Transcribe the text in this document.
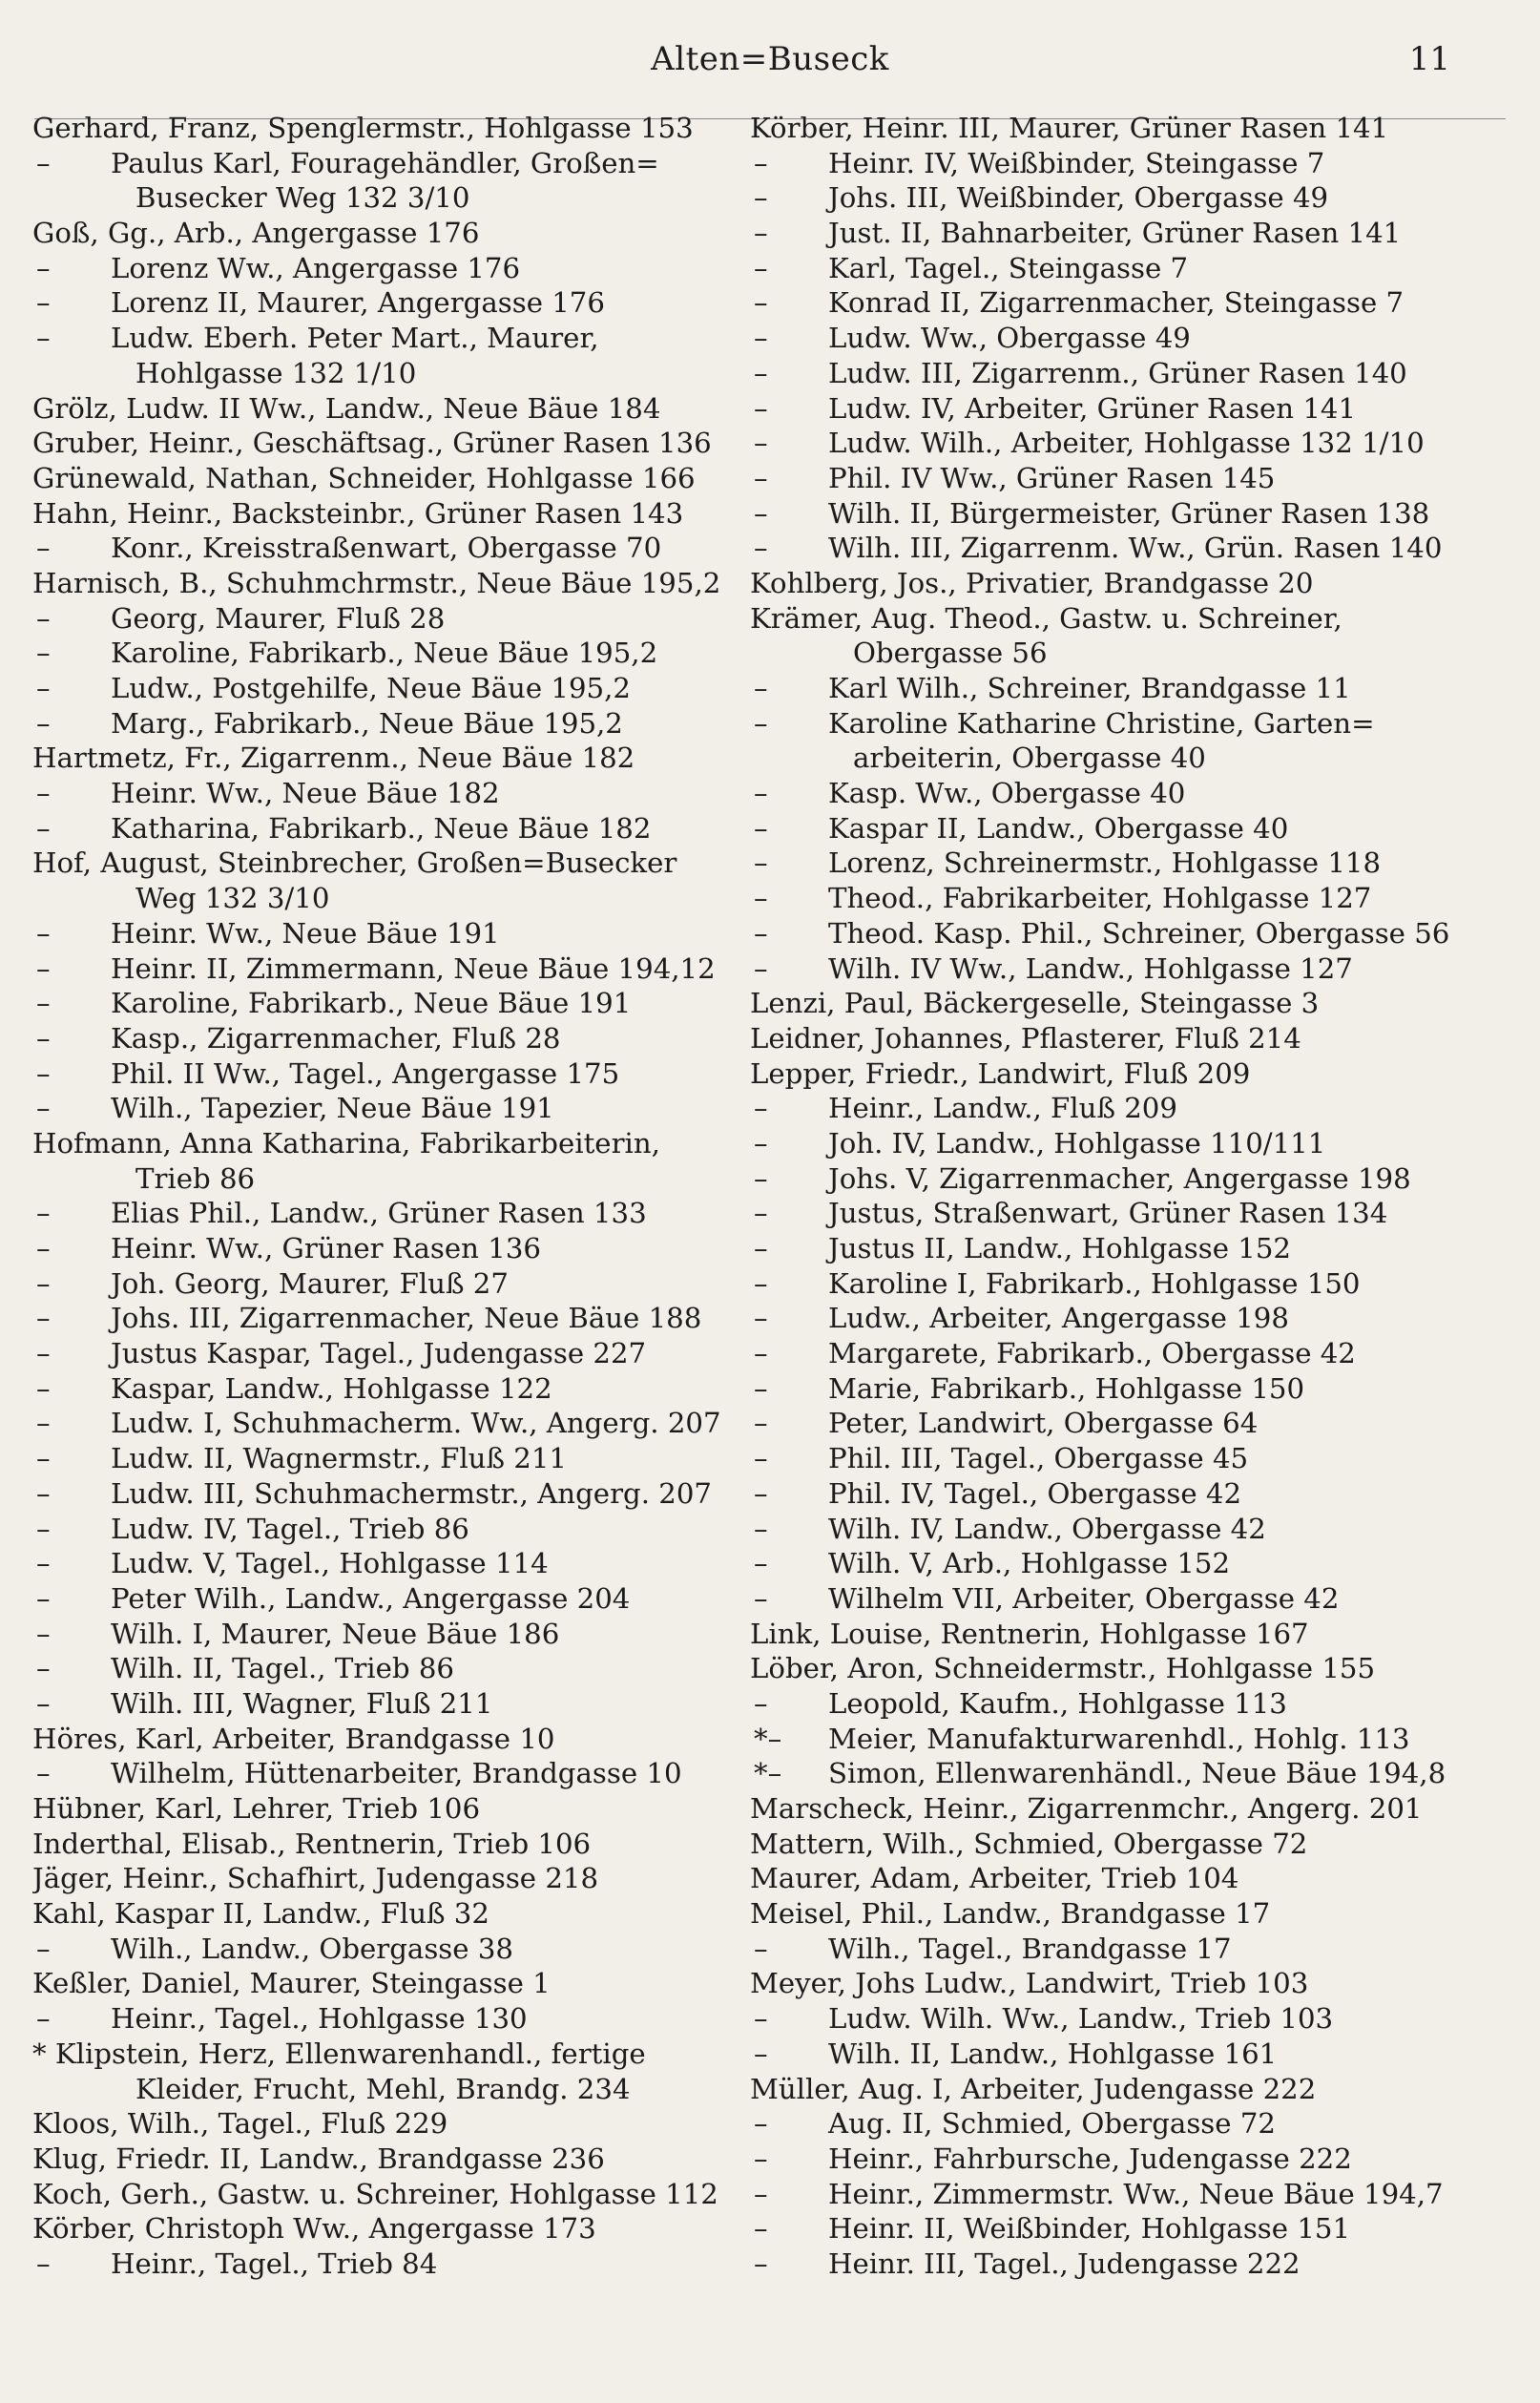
Alten=Buseck	11
Gerhard, Franz, Spenglermstr., Hohlgasse 153
–	Paulus Karl, Fouragehändler, Großen=
Busecker Weg 132 3/10
Goß, Gg., Arb., Angergasse 176
–	Lorenz Ww., Angergasse 176
–	Lorenz II, Maurer, Angergasse 176
–	Ludw. Eberh. Peter Mart., Maurer,
Hohlgasse 132 1/10
Grölz, Ludw. II Ww., Landw., Neue Bäue 184
Gruber, Heinr., Geschäftsag., Grüner Rasen 136
Grünewald, Nathan, Schneider, Hohlgasse 166
Hahn, Heinr., Backsteinbr., Grüner Rasen 143
–	Konr., Kreisstraßenwart, Obergasse 70
Harnisch, B., Schuhmchrmstr., Neue Bäue 195,2
–	Georg, Maurer, Fluß 28
–	Karoline, Fabrikarb., Neue Bäue 195,2
–	Ludw., Postgehilfe, Neue Bäue 195,2
–	Marg., Fabrikarb., Neue Bäue 195,2
Hartmetz, Fr., Zigarrenm., Neue Bäue 182
–	Heinr. Ww., Neue Bäue 182
–	Katharina, Fabrikarb., Neue Bäue 182
Hof, August, Steinbrecher, Großen=Busecker
Weg 132 3/10
–	Heinr. Ww., Neue Bäue 191
–	Heinr. II, Zimmermann, Neue Bäue 194,12
–	Karoline, Fabrikarb., Neue Bäue 191
–	Kasp., Zigarrenmacher, Fluß 28
–	Phil. II Ww., Tagel., Angergasse 175
–	Wilh., Tapezier, Neue Bäue 191
Hofmann, Anna Katharina, Fabrikarbeiterin,
Trieb 86
–	Elias Phil., Landw., Grüner Rasen 133
–	Heinr. Ww., Grüner Rasen 136
–	Joh. Georg, Maurer, Fluß 27
–	Johs. III, Zigarrenmacher, Neue Bäue 188
–	Justus Kaspar, Tagel., Judengasse 227
–	Kaspar, Landw., Hohlgasse 122
–	Ludw. I, Schuhmacherm. Ww., Angerg. 207
–	Ludw. II, Wagnermstr., Fluß 211
–	Ludw. III, Schuhmachermstr., Angerg. 207
–	Ludw. IV, Tagel., Trieb 86
–	Ludw. V, Tagel., Hohlgasse 114
–	Peter Wilh., Landw., Angergasse 204
–	Wilh. I, Maurer, Neue Bäue 186
–	Wilh. II, Tagel., Trieb 86
–	Wilh. III, Wagner, Fluß 211
Höres, Karl, Arbeiter, Brandgasse 10
–	Wilhelm, Hüttenarbeiter, Brandgasse 10
Hübner, Karl, Lehrer, Trieb 106
Inderthal, Elisab., Rentnerin, Trieb 106
Jäger, Heinr., Schafhirt, Judengasse 218
Kahl, Kaspar II, Landw., Fluß 32
–	Wilh., Landw., Obergasse 38
Keßler, Daniel, Maurer, Steingasse 1
–	Heinr., Tagel., Hohlgasse 130
* Klipstein, Herz, Ellenwarenhandl., fertige
Kleider, Frucht, Mehl, Brandg. 234
Kloos, Wilh., Tagel., Fluß 229
Klug, Friedr. II, Landw., Brandgasse 236
Koch, Gerh., Gastw. u. Schreiner, Hohlgasse 112
Körber, Christoph Ww., Angergasse 173
–	Heinr., Tagel., Trieb 84
Körber, Heinr. III, Maurer, Grüner Rasen 141
–	Heinr. IV, Weißbinder, Steingasse 7
–	Johs. III, Weißbinder, Obergasse 49
–	Just. II, Bahnarbeiter, Grüner Rasen 141
–	Karl, Tagel., Steingasse 7
–	Konrad II, Zigarrenmacher, Steingasse 7
–	Ludw. Ww., Obergasse 49
–	Ludw. III, Zigarrenm., Grüner Rasen 140
–	Ludw. IV, Arbeiter, Grüner Rasen 141
–	Ludw. Wilh., Arbeiter, Hohlgasse 132 1/10
–	Phil. IV Ww., Grüner Rasen 145
–	Wilh. II, Bürgermeister, Grüner Rasen 138
–	Wilh. III, Zigarrenm. Ww., Grün. Rasen 140
Kohlberg, Jos., Privatier, Brandgasse 20
Krämer, Aug. Theod., Gastw. u. Schreiner,
Obergasse 56
–	Karl Wilh., Schreiner, Brandgasse 11
–	Karoline Katharine Christine, Garten=
arbeiterin, Obergasse 40
–	Kasp. Ww., Obergasse 40
–	Kaspar II, Landw., Obergasse 40
–	Lorenz, Schreinermstr., Hohlgasse 118
–	Theod., Fabrikarbeiter, Hohlgasse 127
–	Theod. Kasp. Phil., Schreiner, Obergasse 56
–	Wilh. IV Ww., Landw., Hohlgasse 127
Lenzi, Paul, Bäckergeselle, Steingasse 3
Leidner, Johannes, Pflasterer, Fluß 214
Lepper, Friedr., Landwirt, Fluß 209
–	Heinr., Landw., Fluß 209
–	Joh. IV, Landw., Hohlgasse 110/111
–	Johs. V, Zigarrenmacher, Angergasse 198
–	Justus, Straßenwart, Grüner Rasen 134
–	Justus II, Landw., Hohlgasse 152
–	Karoline I, Fabrikarb., Hohlgasse 150
–	Ludw., Arbeiter, Angergasse 198
–	Margarete, Fabrikarb., Obergasse 42
–	Marie, Fabrikarb., Hohlgasse 150
–	Peter, Landwirt, Obergasse 64
–	Phil. III, Tagel., Obergasse 45
–	Phil. IV, Tagel., Obergasse 42
–	Wilh. IV, Landw., Obergasse 42
–	Wilh. V, Arb., Hohlgasse 152
–	Wilhelm VII, Arbeiter, Obergasse 42
Link, Louise, Rentnerin, Hohlgasse 167
Löber, Aron, Schneidermstr., Hohlgasse 155
–	Leopold, Kaufm., Hohlgasse 113
*–	Meier, Manufakturwarenhdl., Hohlg. 113
*–	Simon, Ellenwarenhändl., Neue Bäue 194,8
Marscheck, Heinr., Zigarrenmchr., Angerg. 201
Mattern, Wilh., Schmied, Obergasse 72
Maurer, Adam, Arbeiter, Trieb 104
Meisel, Phil., Landw., Brandgasse 17
–	Wilh., Tagel., Brandgasse 17
Meyer, Johs Ludw., Landwirt, Trieb 103
–	Ludw. Wilh. Ww., Landw., Trieb 103
–	Wilh. II, Landw., Hohlgasse 161
Müller, Aug. I, Arbeiter, Judengasse 222
–	Aug. II, Schmied, Obergasse 72
–	Heinr., Fahrbursche, Judengasse 222
–	Heinr., Zimmermstr. Ww., Neue Bäue 194,7
–	Heinr. II, Weißbinder, Hohlgasse 151
–	Heinr. III, Tagel., Judengasse 222
